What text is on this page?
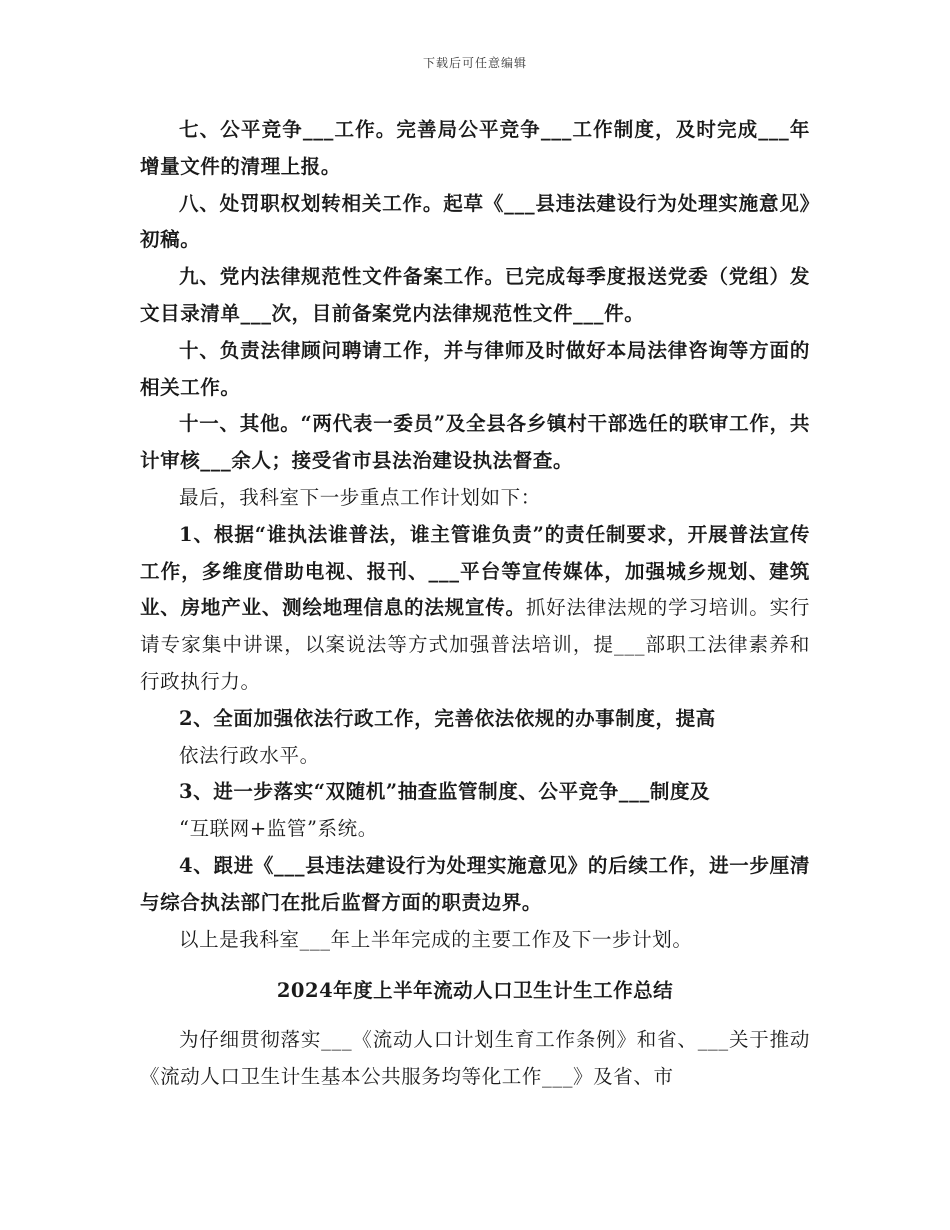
下载后可任意编辑

七、公平竞争___工作。完善局公平竞争___工作制度，及时完成___年增量文件的清理上报。

八、处罚职权划转相关工作。起草《___县违法建设行为处理实施意见》初稿。

九、党内法律规范性文件备案工作。已完成每季度报送党委（党组）发文目录清单___次，目前备案党内法律规范性文件___件。

十、负责法律顾问聘请工作，并与律师及时做好本局法律咨询等方面的相关工作。

十一、其他。“两代表一委员”及全县各乡镇村干部选任的联审工作，共计审核___余人；接受省市县法治建设执法督查。

最后，我科室下一步重点工作计划如下：

1、根据“谁执法谁普法，谁主管谁负责”的责任制要求，开展普法宣传工作，多维度借助电视、报刊、___平台等宣传媒体，加强城乡规划、建筑业、房地产业、测绘地理信息的法规宣传。抓好法律法规的学习培训。实行请专家集中讲课，以案说法等方式加强普法培训，提___部职工法律素养和行政执行力。

2、全面加强依法行政工作，完善依法依规的办事制度，提高

依法行政水平。

3、进一步落实“双随机”抽查监管制度、公平竞争___制度及

“互联网+监管”系统。

4、跟进《___县违法建设行为处理实施意见》的后续工作，进一步厘清与综合执法部门在批后监督方面的职责边界。

以上是我科室___年上半年完成的主要工作及下一步计划。

2024年度上半年流动人口卫生计生工作总结

为仔细贯彻落实___《流动人口计划生育工作条例》和省、___关于推动《流动人口卫生计生基本公共服务均等化工作___》及省、市
